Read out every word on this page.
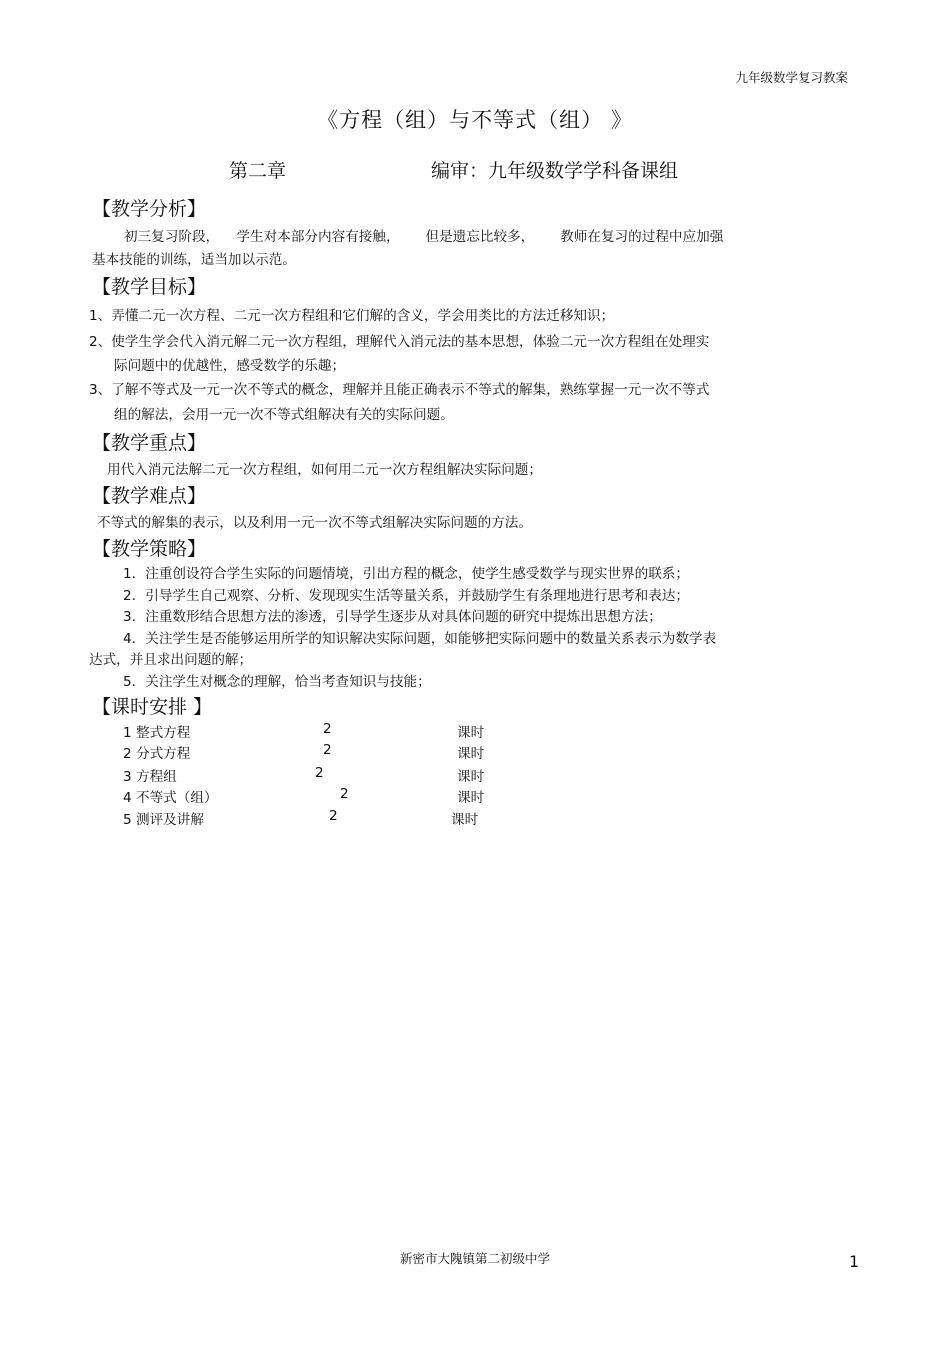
九年级数学复习教案
《方程（组）与不等式（组） 》
第二章	编审：九年级数学学科备课组
【教学分析】
初三复习阶段，    学生对本部分内容有接触，      但是遗忘比较多，      教师在复习的过程中应加强
基本技能的训练，适当加以示范。
【教学目标】
1、弄懂二元一次方程、二元一次方程组和它们解的含义，学会用类比的方法迁移知识；
2、使学生学会代入消元解二元一次方程组，理解代入消元法的基本思想，体验二元一次方程组在处理实
际问题中的优越性，感受数学的乐趣；
3、了解不等式及一元一次不等式的概念，理解并且能正确表示不等式的解集，熟练掌握一元一次不等式
组的解法，会用一元一次不等式组解决有关的实际问题。
【教学重点】
用代入消元法解二元一次方程组，如何用二元一次方程组解决实际问题；
【教学难点】
不等式的解集的表示，以及利用一元一次不等式组解决实际问题的方法。
【教学策略】
1．注重创设符合学生实际的问题情境，引出方程的概念，使学生感受数学与现实世界的联系；
2．引导学生自己观察、分析、发现现实生活等量关系，并鼓励学生有条理地进行思考和表达；
3．注重数形结合思想方法的渗透，引导学生逐步从对具体问题的研究中提炼出思想方法；
4．关注学生是否能够运用所学的知识解决实际问题，如能够把实际问题中的数量关系表示为数学表
达式，并且求出问题的解；
5．关注学生对概念的理解，恰当考查知识与技能；
【课时安排 】
1 整式方程	2	课时
2 分式方程	2	课时
3 方程组	2	课时
4 不等式（组）	2	课时
5 测评及讲解	2	课时
新密市大隗镇第二初级中学	1
